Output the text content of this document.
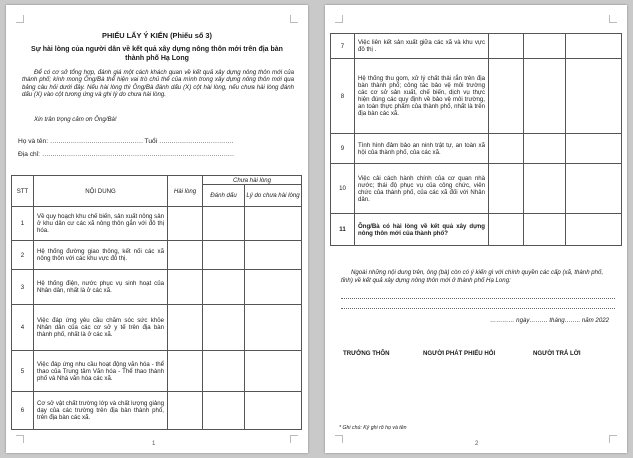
PHIẾU LẤY Ý KIẾN (Phiếu số 3)
Sự hài lòng của người dân về kết quả xây dựng nông thôn mới trên địa bàn thành phố Hạ Long
Để có cơ sở tổng hợp, đánh giá một cách khách quan về kết quả xây dựng nông thôn mới của thành phố; kính mong Ông/Bà thể hiện vai trò chủ thể của mình trong xây dựng nông thôn mới qua bảng câu hỏi dưới đây. Nếu hài lòng thì Ông/Bà đánh dấu (X) cột hài lòng, nếu chưa hài lòng đánh dấu (X) vào cột tương ứng và ghi lý do chưa hài lòng.
Xin trân trọng cảm ơn Ông/Bà!
Họ và tên: ……………………………………… Tuổi ………………………………
Địa chỉ: …………………………………………………………………………………
STT	NỘI DUNG	Hài lòng	Chưa hài lòng	
			Đánh dấu	Lý do chưa hài lòng
1	Về quy hoạch khu chế biến, sản xuất nông sản ở khu dân cư các xã nông thôn gắn với đô thị hóa.			
2	Hệ thống đường giao thông, kết nối các xã nông thôn với các khu vực đô thị.			
3	Hệ thống điện, nước phục vụ sinh hoạt của Nhân dân, nhất là ở các xã.			
4	Việc đáp ứng yêu cầu chăm sóc sức khỏe Nhân dân của các cơ sở y tế trên địa bàn thành phố, nhất là ở các xã.			
5	Việc đáp ứng nhu cầu hoạt động văn hóa - thể thao của Trung tâm Văn hóa - Thể thao thành phố và Nhà văn hóa các xã.			
6	Cơ sở vật chất trường lớp và chất lượng giảng dạy của các trường trên địa bàn thành phố, trên địa bàn các xã.			
1
7	Việc liên kết sản xuất giữa các xã và khu vực đô thị .			
8	Hệ thống thu gom, xử lý chất thải rắn trên địa bàn thành phố; công tác bảo vệ môi trường các cơ sở sản xuất, chế biến, dịch vụ thực hiện đúng các quy định về bảo vệ môi trường, an toàn thực phẩm của thành phố, nhất là trên địa bàn các xã.			
9	Tình hình đảm bảo an ninh trật tự, an toàn xã hội của thành phố, của các xã.			
10	Việc cải cách hành chính của cơ quan nhà nước; thái độ phục vụ của công chức, viên chức của thành phố, của các xã đối với Nhân dân.			
11	Ông/Bà có hài lòng về kết quả xây dựng nông thôn mới của thành phố?			
Ngoài những nội dung trên, ông (bà) còn có ý kiến gì với chính quyền các cấp (xã, thành phố, tỉnh) về kết quả xây dựng nông thôn mới ở thành phố Hạ Long:
………… ngày……… tháng…….. năm 2022
TRƯỞNG THÔN	NGƯỜI PHÁT PHIẾU HỎI	NGƯỜI TRẢ LỜI
* Ghi chú: Ký ghi rõ họ và tên
2
